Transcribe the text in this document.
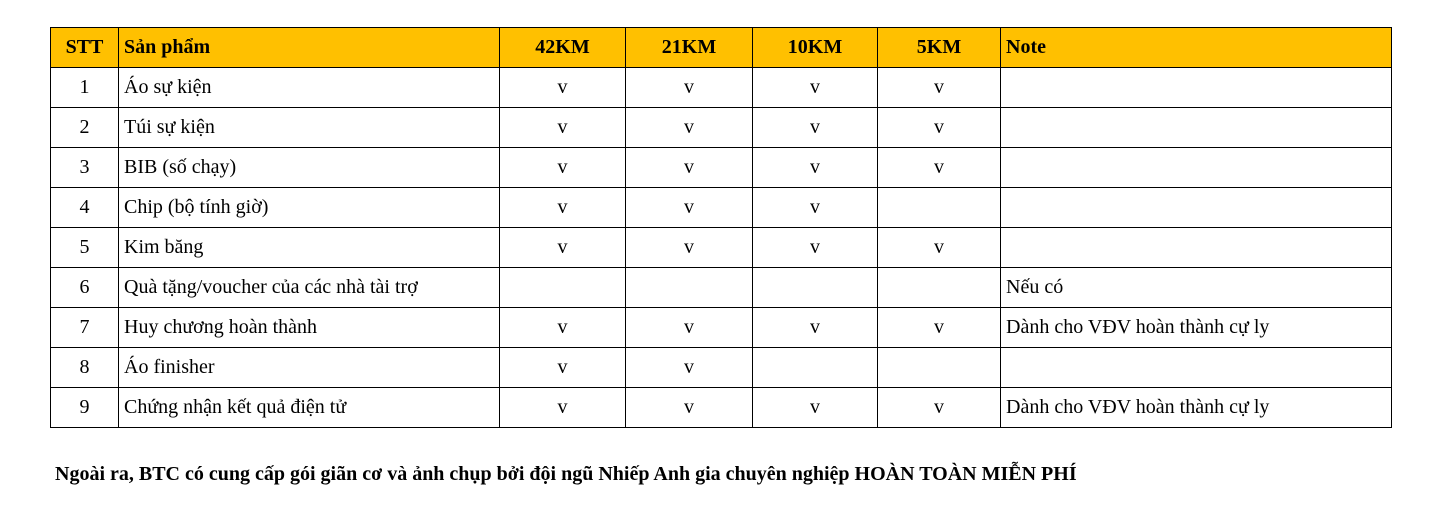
STT	Sản phẩm	42KM	21KM	10KM	5KM	Note
1	Áo sự kiện	v	v	v	v	
2	Túi sự kiện	v	v	v	v	
3	BIB (số chạy)	v	v	v	v	
4	Chip (bộ tính giờ)	v	v	v		
5	Kim băng	v	v	v	v	
6	Quà tặng/voucher của các nhà tài trợ					Nếu có
7	Huy chương hoàn thành	v	v	v	v	Dành cho VĐV hoàn thành cự ly
8	Áo finisher	v	v			
9	Chứng nhận kết quả điện tử	v	v	v	v	Dành cho VĐV hoàn thành cự ly
Ngoài ra, BTC có cung cấp gói giãn cơ và ảnh chụp bởi đội ngũ Nhiếp Anh gia chuyên nghiệp HOÀN TOÀN MIỄN PHÍ
